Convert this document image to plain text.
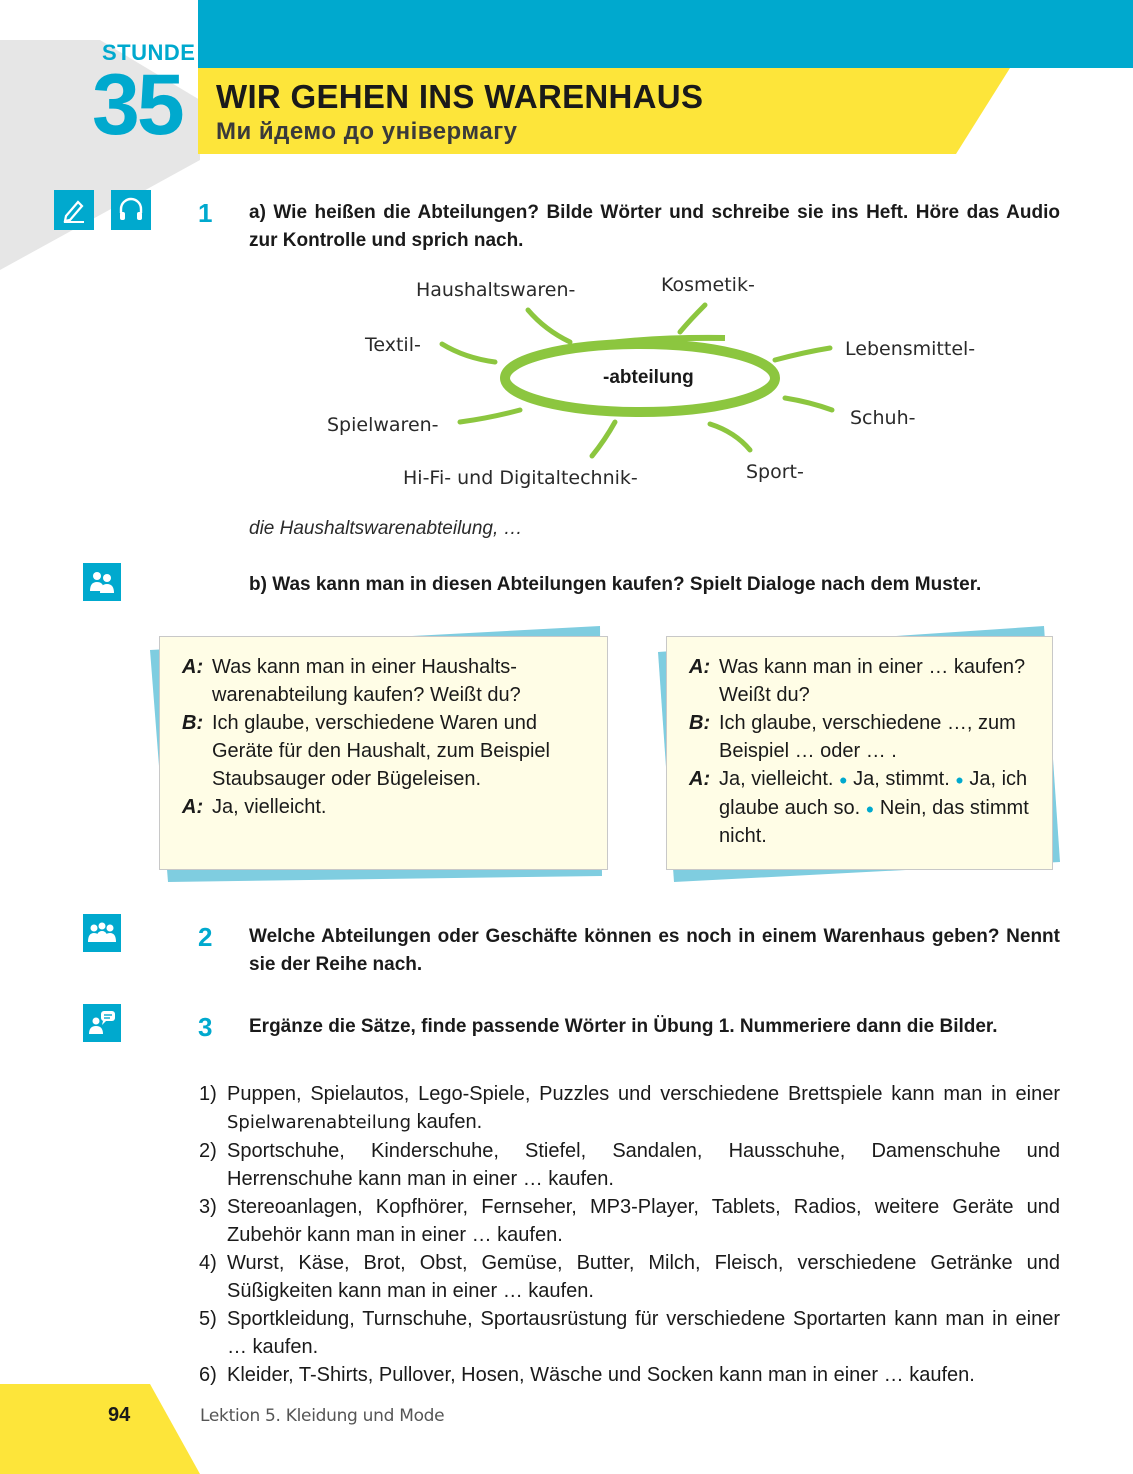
STUNDE
35 WIR GEHEN INS WARENHAUS
Ми йдемо до універмагу
1 a) Wie heißen die Abteilungen? Bilde Wörter und schreibe sie ins Heft. Höre das Audio zur Kontrolle und sprich nach.
-abteilung
Haushaltswaren-	Kosmetik-
Textil-	Lebensmittel-
Spielwaren-	Schuh-
Hi-Fi- und Digitaltechnik-	Sport-
die Haushaltswarenabteilung, …
b) Was kann man in diesen Abteilungen kaufen? Spielt Dialoge nach dem Muster.
A: Was kann man in einer Haushalts-warenabteilung kaufen? Weißt du?
B: Ich glaube, verschiedene Waren und Geräte für den Haushalt, zum Beispiel Staubsauger oder Bügeleisen.
A: Ja, vielleicht.
A: Was kann man in einer … kaufen? Weißt du?
B: Ich glaube, verschiedene …, zum Beispiel … oder … .
A: Ja, vielleicht. ● Ja, stimmt. ● Ja, ich glaube auch so. ● Nein, das stimmt nicht.
2 Welche Abteilungen oder Geschäfte können es noch in einem Warenhaus geben? Nennt sie der Reihe nach.
3 Ergänze die Sätze, finde passende Wörter in Übung 1. Nummeriere dann die Bilder.
1) Puppen, Spielautos, Lego-Spiele, Puzzles und verschiedene Brettspiele kann man in einer Spielwarenabteilung kaufen.
2) Sportschuhe, Kinderschuhe, Stiefel, Sandalen, Hausschuhe, Damenschuhe und Herrenschuhe kann man in einer … kaufen.
3) Stereoanlagen, Kopfhörer, Fernseher, MP3-Player, Tablets, Radios, weitere Geräte und Zubehör kann man in einer … kaufen.
4) Wurst, Käse, Brot, Obst, Gemüse, Butter, Milch, Fleisch, verschiedene Getränke und Süßigkeiten kann man in einer … kaufen.
5) Sportkleidung, Turnschuhe, Sportausrüstung für verschiedene Sportarten kann man in einer … kaufen.
6) Kleider, T-Shirts, Pullover, Hosen, Wäsche und Socken kann man in einer … kaufen.
94	Lektion 5. Kleidung und Mode
